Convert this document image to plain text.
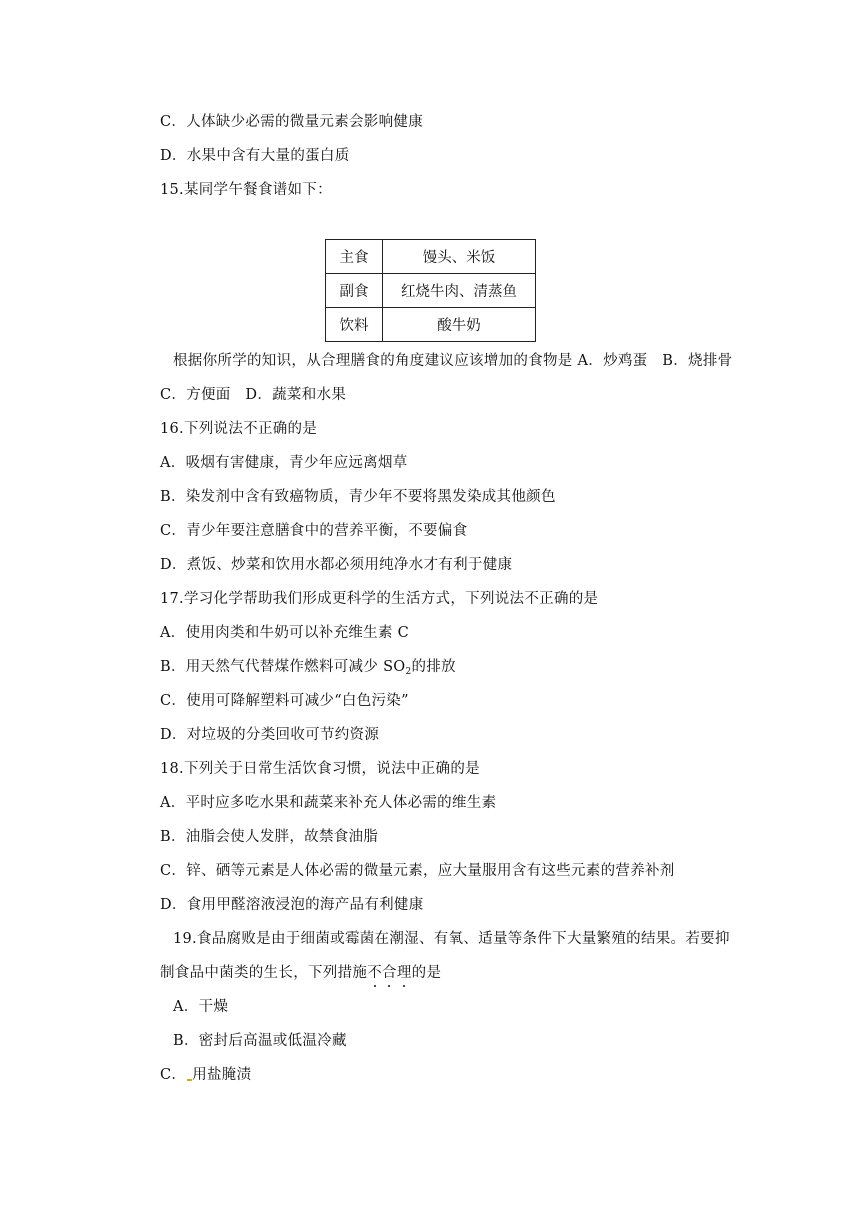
C．人体缺少必需的微量元素会影响健康
D．水果中含有大量的蛋白质
15.某同学午餐食谱如下：
主食	馒头、米饭
副食	红烧牛肉、清蒸鱼
饮料	酸牛奶
根据你所学的知识，从合理膳食的角度建议应该增加的食物是 A．炒鸡蛋　B．烧排骨
C．方便面　D．蔬菜和水果
16.下列说法不正确的是
A．吸烟有害健康，青少年应远离烟草
B．染发剂中含有致癌物质，青少年不要将黑发染成其他颜色
C．青少年要注意膳食中的营养平衡，不要偏食
D．煮饭、炒菜和饮用水都必须用纯净水才有利于健康
17.学习化学帮助我们形成更科学的生活方式，下列说法不正确的是
A．使用肉类和牛奶可以补充维生素 C
B．用天然气代替煤作燃料可减少 $SO_2$的排放
C．使用可降解塑料可减少“白色污染”
D．对垃圾的分类回收可节约资源
18.下列关于日常生活饮食习惯，说法中正确的是
A．平时应多吃水果和蔬菜来补充人体必需的维生素
B．油脂会使人发胖，故禁食油脂
C．锌、硒等元素是人体必需的微量元素，应大量服用含有这些元素的营养补剂
D．食用甲醛溶液浸泡的海产品有利健康
19.食品腐败是由于细菌或霉菌在潮湿、有氧、适量等条件下大量繁殖的结果。若要抑
制食品中菌类的生长，下列措施不合理的是
A．干燥
B．密封后高温或低温冷藏
C． 用盐腌渍
